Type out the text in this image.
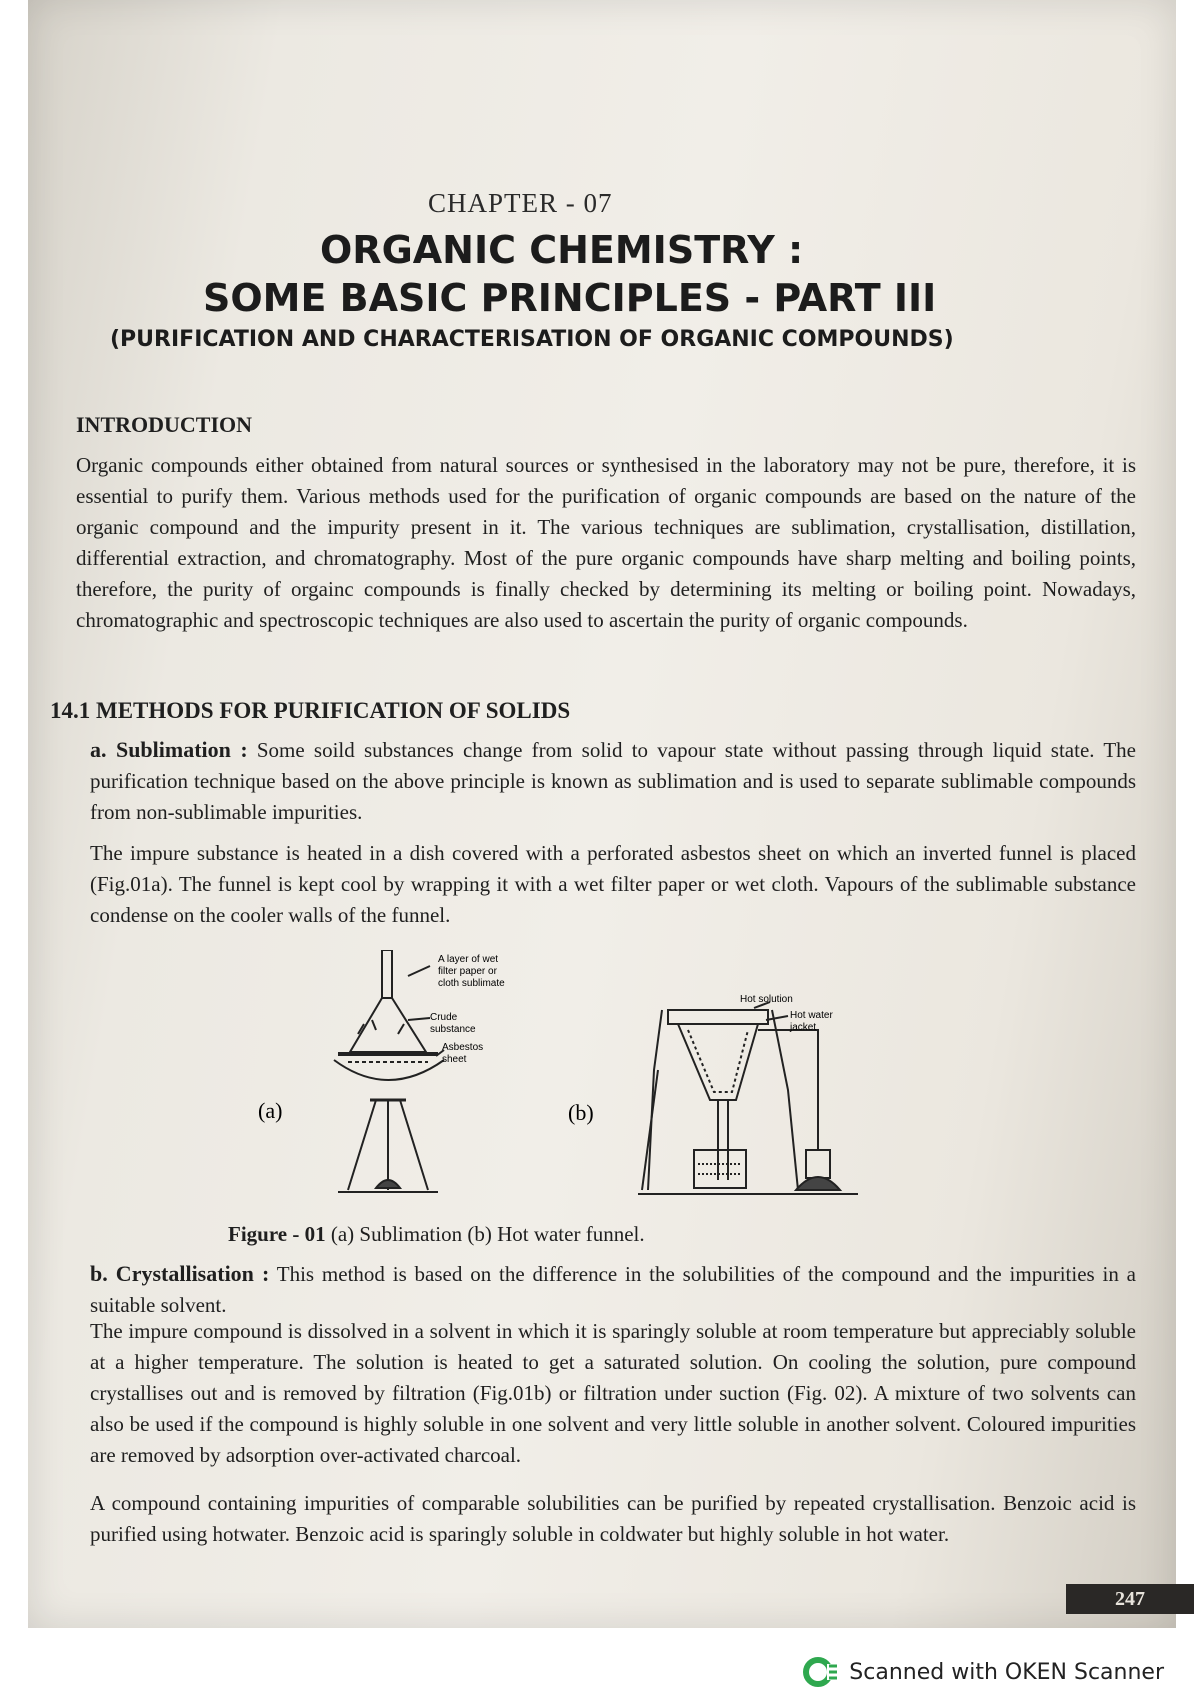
CHAPTER - 07
ORGANIC CHEMISTRY :
SOME BASIC PRINCIPLES - PART III
(PURIFICATION AND CHARACTERISATION OF ORGANIC COMPOUNDS)
INTRODUCTION
Organic compounds either obtained from natural sources or synthesised in the laboratory may not be pure, therefore, it is essential to purify them. Various methods used for the purification of organic compounds are based on the nature of the organic compound and the impurity present in it. The various techniques are sublimation, crystallisation, distillation, differential extraction, and chromatography. Most of the pure organic compounds have sharp melting and boiling points, therefore, the purity of orgainc compounds is finally checked by determining its melting or boiling point. Nowadays, chromatographic and spectroscopic techniques are also used to ascertain the purity of organic compounds.
14.1 METHODS FOR PURIFICATION OF SOLIDS
a. Sublimation : Some soild substances change from solid to vapour state without passing through liquid state. The purification technique based on the above principle is known as sublimation and is used to separate sublimable compounds from non-sublimable impurities.
The impure substance is heated in a dish covered with a perforated asbestos sheet on which an inverted funnel is placed (Fig.01a). The funnel is kept cool by wrapping it with a wet filter paper or wet cloth. Vapours of the sublimable substance condense on the cooler walls of the funnel.
A layer of wet
filter paper or
cloth sublimate
Crude
substance
Asbestos
sheet
(a)
Hot solution
Hot water
jacket
(b)
Figure - 01 (a) Sublimation (b) Hot water funnel.
b. Crystallisation : This method is based on the difference in the solubilities of the compound and the impurities in a suitable solvent.
The impure compound is dissolved in a solvent in which it is sparingly soluble at room temperature but appreciably soluble at a higher temperature. The solution is heated to get a saturated solution. On cooling the solution, pure compound crystallises out and is removed by filtration (Fig.01b) or filtration under suction (Fig. 02). A mixture of two solvents can also be used if the compound is highly soluble in one solvent and very little soluble in another solvent. Coloured impurities are removed by adsorption over-activated charcoal.
A compound containing impurities of comparable solubilities can be purified by repeated crystallisation. Benzoic acid is purified using hotwater. Benzoic acid is sparingly soluble in coldwater but highly soluble in hot water.
247
Scanned with OKEN Scanner
